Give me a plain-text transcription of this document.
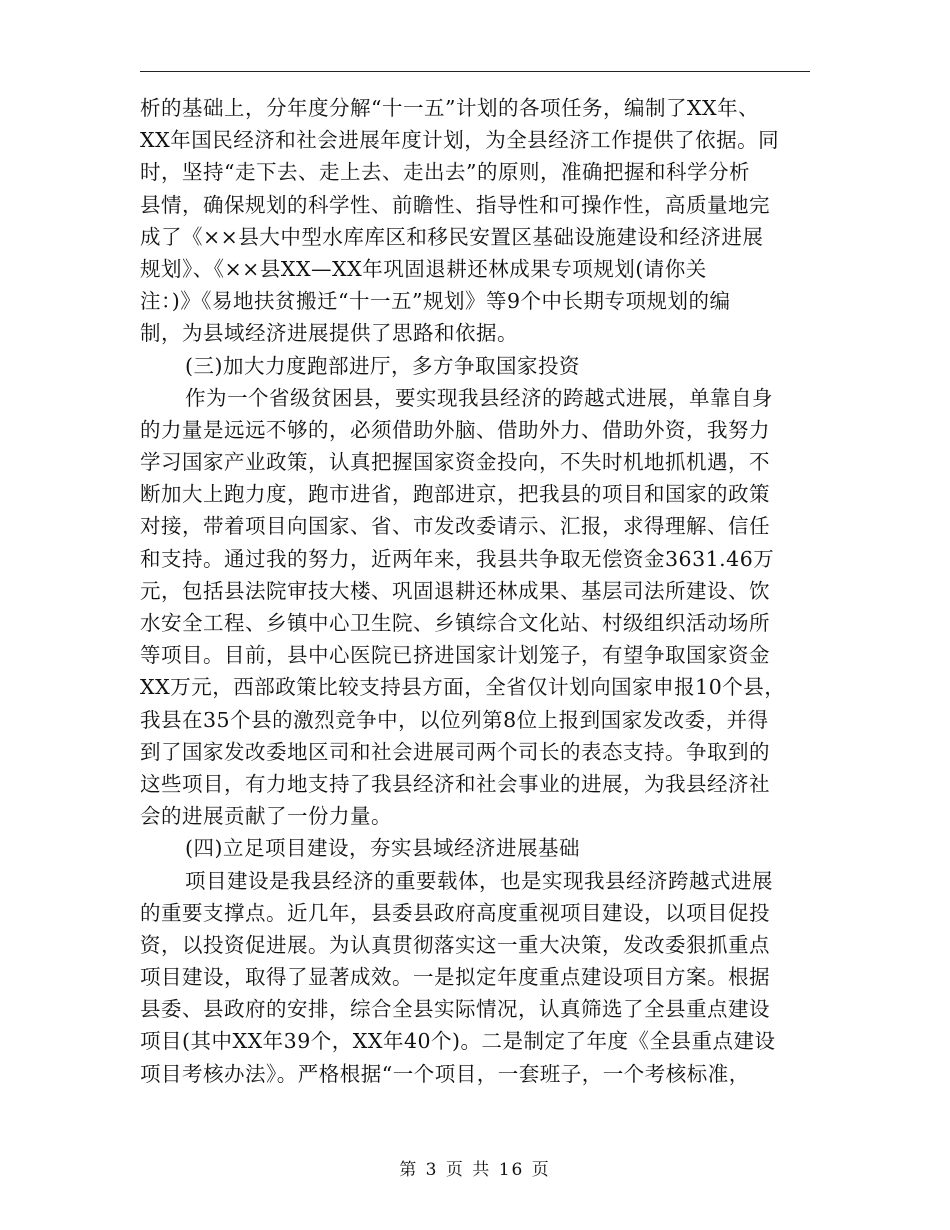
析的基础上，分年度分解“十一五”计划的各项任务，编制了XX年、
XX年国民经济和社会进展年度计划，为全县经济工作提供了依据。同
时，坚持“走下去、走上去、走出去”的原则，准确把握和科学分析
县情，确保规划的科学性、前瞻性、指导性和可操作性，高质量地完
成了《××县大中型水库库区和移民安置区基础设施建设和经济进展
规划》、《××县XX—XX年巩固退耕还林成果专项规划(请你关
注：)》《易地扶贫搬迁“十一五”规划》等9个中长期专项规划的编
制，为县域经济进展提供了思路和依据。
(三)加大力度跑部进厅，多方争取国家投资
作为一个省级贫困县，要实现我县经济的跨越式进展，单靠自身
的力量是远远不够的，必须借助外脑、借助外力、借助外资，我努力
学习国家产业政策，认真把握国家资金投向，不失时机地抓机遇，不
断加大上跑力度，跑市进省，跑部进京，把我县的项目和国家的政策
对接，带着项目向国家、省、市发改委请示、汇报，求得理解、信任
和支持。通过我的努力，近两年来，我县共争取无偿资金3631.46万
元，包括县法院审技大楼、巩固退耕还林成果、基层司法所建设、饮
水安全工程、乡镇中心卫生院、乡镇综合文化站、村级组织活动场所
等项目。目前，县中心医院已挤进国家计划笼子，有望争取国家资金
XX万元，西部政策比较支持县方面，全省仅计划向国家申报10个县，
我县在35个县的激烈竞争中，以位列第8位上报到国家发改委，并得
到了国家发改委地区司和社会进展司两个司长的表态支持。争取到的
这些项目，有力地支持了我县经济和社会事业的进展，为我县经济社
会的进展贡献了一份力量。
(四)立足项目建设，夯实县域经济进展基础
项目建设是我县经济的重要载体，也是实现我县经济跨越式进展
的重要支撑点。近几年，县委县政府高度重视项目建设，以项目促投
资，以投资促进展。为认真贯彻落实这一重大决策，发改委狠抓重点
项目建设，取得了显著成效。一是拟定年度重点建设项目方案。根据
县委、县政府的安排，综合全县实际情况，认真筛选了全县重点建设
项目(其中XX年39个，XX年40个)。二是制定了年度《全县重点建设
项目考核办法》。严格根据“一个项目，一套班子，一个考核标准，
第 3 页 共 16 页
